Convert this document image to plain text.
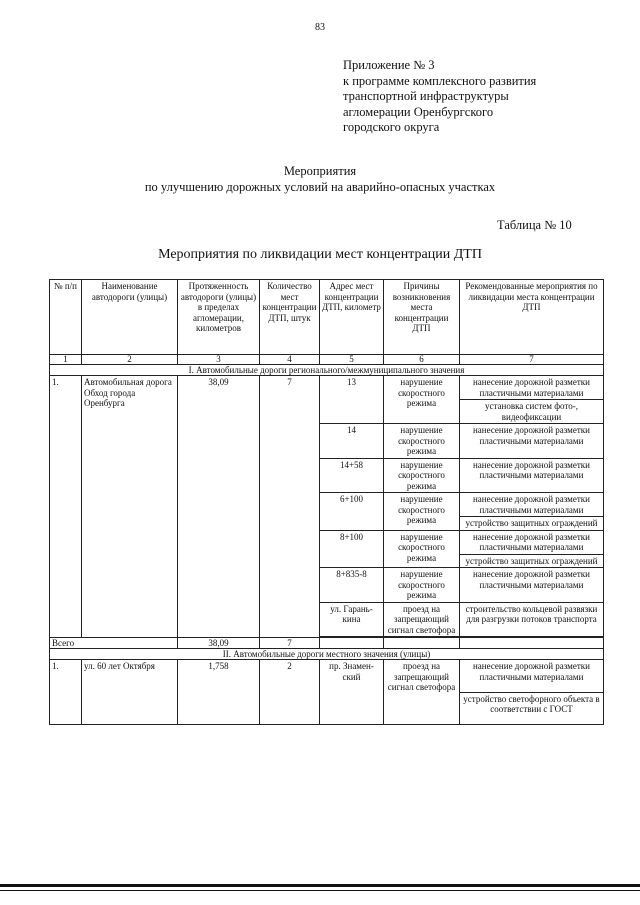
83
Приложение № 3
к программе комплексного развития
транспортной инфраструктуры
агломерации Оренбургского
городского округа
Мероприятия
по улучшению дорожных условий на аварийно-опасных участках
Таблица № 10
Мероприятия по ликвидации мест концентрации ДТП
№ п/п	Наименование автодороги (улицы)	Протяженность автодороги (улицы) в пределах агломерации, километров	Количество мест концентрации ДТП, штук	Адрес мест концентрации ДТП, километр	Причины возникновения места концентрации ДТП	Рекомендованные мероприятия по ликвидации места концентрации ДТП
1	2	3	4	5	6	7
I. Автомобильные дороги регионального/межмуниципального значения						
1.	Автомобильная дорога Обход города Оренбурга	38,09	7	13	нарушение скоростного режима	нанесение дорожной разметки пластичными материалами
						установка систем фото-, видеофиксации
				14	нарушение скоростного режима	нанесение дорожной разметки пластичными материалами
				14+58	нарушение скоростного режима	нанесение дорожной разметки пластичными материалами
				6+100	нарушение скоростного режима	нанесение дорожной разметки пластичными материалами
						устройство защитных ограждений
				8+100	нарушение скоростного режима	нанесение дорожной разметки пластичными материалами
						устройство защитных ограждений
				8+835-8	нарушение скоростного режима	нанесение дорожной разметки пластичными материалами
				ул. Гарань-кина	проезд на запрещающий сигнал светофора	строительство кольцевой развязки для разгрузки потоков транспорта

Всего		38,09	7			
II. Автомобильные дороги местного значения (улицы)						
1.	ул. 60 лет Октября	1,758	2	пр. Знамен-ский	проезд на запрещающий сигнал светофора	нанесение дорожной разметки пластичными материалами
						устройство светофорного объекта в соответствии с ГОСТ
